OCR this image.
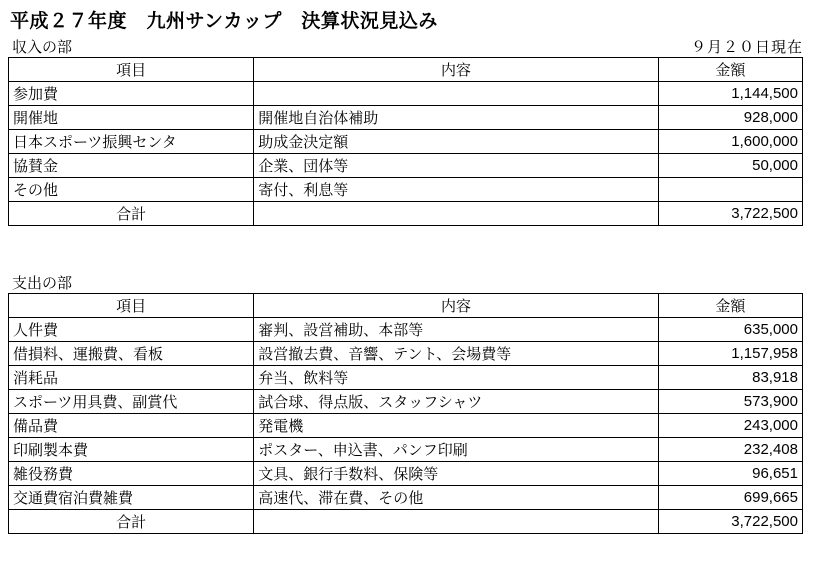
平成２７年度　九州サンカップ　決算状況見込み
収入の部	９月２０日現在
項目	内容	金額
参加費		1,144,500
開催地	開催地自治体補助	928,000
日本スポーツ振興センタ	助成金決定額	1,600,000
協賛金	企業、団体等	50,000
その他	寄付、利息等	
合計		3,722,500
支出の部
項目	内容	金額
人件費	審判、設営補助、本部等	635,000
借損料、運搬費、看板	設営撤去費、音響、テント、会場費等	1,157,958
消耗品	弁当、飲料等	83,918
スポーツ用具費、副賞代	試合球、得点版、スタッフシャツ	573,900
備品費	発電機	243,000
印刷製本費	ポスター、申込書、パンフ印刷	232,408
雑役務費	文具、銀行手数料、保険等	96,651
交通費宿泊費雑費	高速代、滞在費、その他	699,665
合計		3,722,500
